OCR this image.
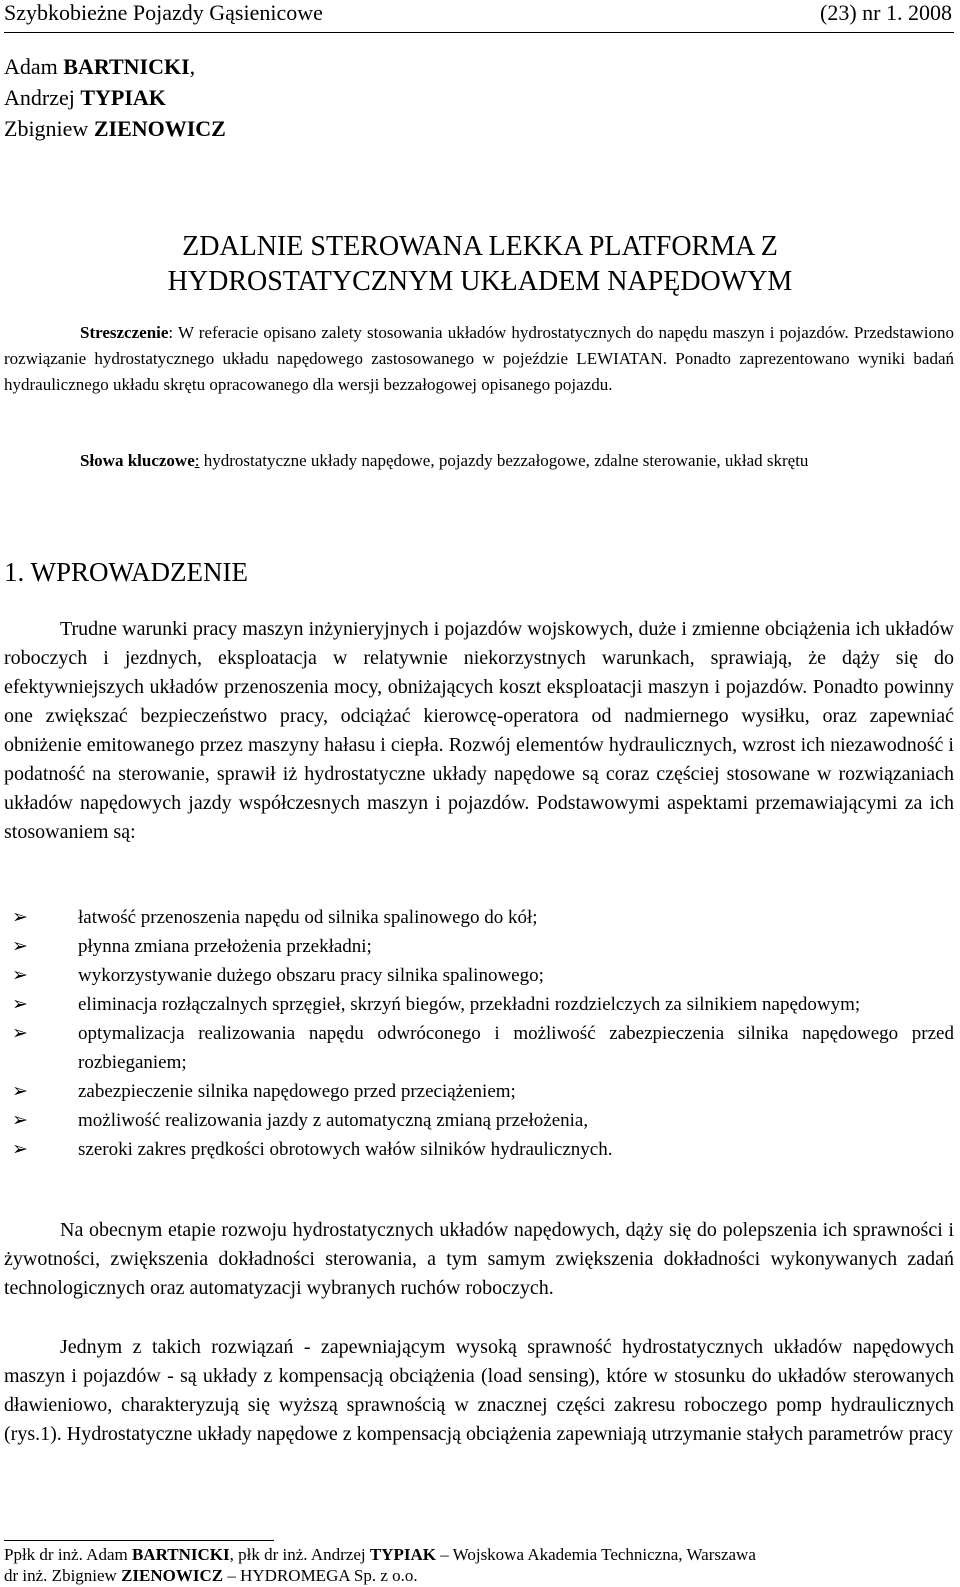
Szybkobieżne Pojazdy Gąsienicowe	(23) nr 1. 2008
Adam BARTNICKI,
Andrzej TYPIAK
Zbigniew ZIENOWICZ
ZDALNIE STEROWANA LEKKA PLATFORMA Z
HYDROSTATYCZNYM UKŁADEM NAPĘDOWYM
Streszczenie: W referacie opisano zalety stosowania układów hydrostatycznych do napędu maszyn i pojazdów. Przedstawiono rozwiązanie hydrostatycznego układu napędowego zastosowanego w pojeździe LEWIATAN. Ponadto zaprezentowano wyniki badań hydraulicznego układu skrętu opracowanego dla wersji bezzałogowej opisanego pojazdu.
Słowa kluczowe: hydrostatyczne układy napędowe, pojazdy bezzałogowe, zdalne sterowanie, układ skrętu
1. WPROWADZENIE

Trudne warunki pracy maszyn inżynieryjnych i pojazdów wojskowych, duże i zmienne obciążenia ich układów roboczych i jezdnych, eksploatacja w relatywnie niekorzystnych warunkach, sprawiają, że dąży się do efektywniejszych układów przenoszenia mocy, obniżających koszt eksploatacji maszyn i pojazdów. Ponadto powinny one zwiększać bezpieczeństwo pracy, odciążać kierowcę-operatora od nadmiernego wysiłku, oraz zapewniać obniżenie emitowanego przez maszyny hałasu i ciepła. Rozwój elementów hydraulicznych, wzrost ich niezawodność i podatność na sterowanie, sprawił iż hydrostatyczne układy napędowe są coraz częściej stosowane w rozwiązaniach układów napędowych jazdy współczesnych maszyn i pojazdów. Podstawowymi aspektami przemawiającymi za ich stosowaniem są:

➢	łatwość przenoszenia napędu od silnika spalinowego do kół;
➢	płynna zmiana przełożenia przekładni;
➢	wykorzystywanie dużego obszaru pracy silnika spalinowego;
➢	eliminacja rozłączalnych sprzęgieł, skrzyń biegów, przekładni rozdzielczych za silnikiem napędowym;
➢	optymalizacja realizowania napędu odwróconego i możliwość zabezpieczenia silnika napędowego przed rozbieganiem;
➢	zabezpieczenie silnika napędowego przed przeciążeniem;
➢	możliwość realizowania jazdy z automatyczną zmianą przełożenia,
➢	szeroki zakres prędkości obrotowych wałów silników hydraulicznych.

Na obecnym etapie rozwoju hydrostatycznych układów napędowych, dąży się do polepszenia ich sprawności i żywotności, zwiększenia dokładności sterowania, a tym samym zwiększenia dokładności wykonywanych zadań technologicznych oraz automatyzacji wybranych ruchów roboczych.

Jednym z takich rozwiązań - zapewniającym wysoką sprawność hydrostatycznych układów napędowych maszyn i pojazdów - są układy z kompensacją obciążenia (load sensing), które w stosunku do układów sterowanych dławieniowo, charakteryzują się wyższą sprawnością w znacznej części zakresu roboczego pomp hydraulicznych (rys.1). Hydrostatyczne układy napędowe z kompensacją obciążenia zapewniają utrzymanie stałych parametrów pracy

Ppłk dr inż. Adam BARTNICKI, płk dr inż. Andrzej TYPIAK – Wojskowa Akademia Techniczna, Warszawa
dr inż. Zbigniew ZIENOWICZ – HYDROMEGA Sp. z o.o.
